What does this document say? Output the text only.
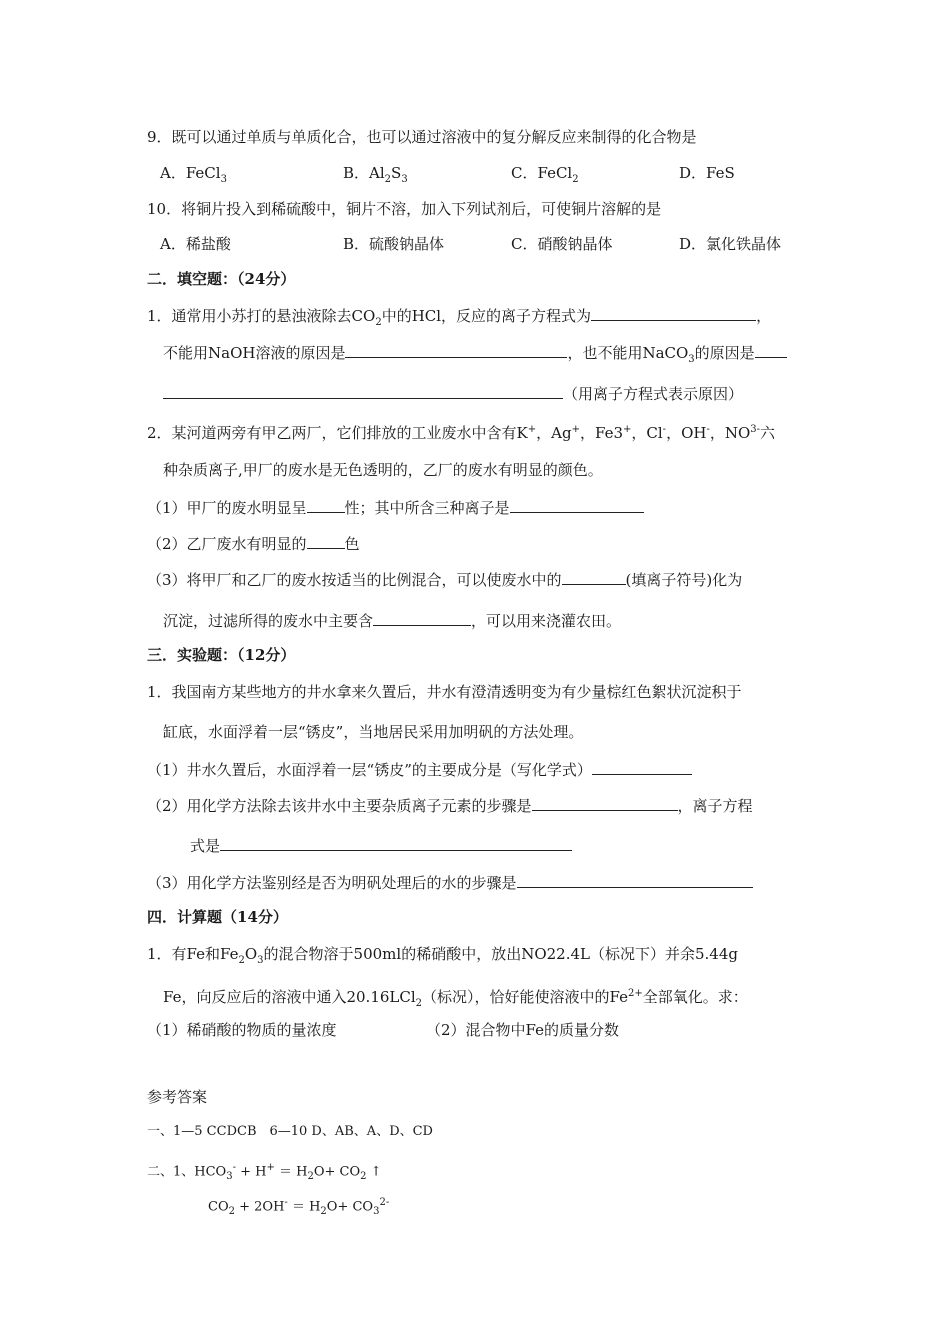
9．既可以通过单质与单质化合，也可以通过溶液中的复分解反应来制得的化合物是
A．FeCl$_3$	B．$Al_2S_3$	C．FeCl$_2$	D．FeS
10．将铜片投入到稀硫酸中，铜片不溶，加入下列试剂后，可使铜片溶解的是
A．稀盐酸	B．硫酸钠晶体	C．硝酸钠晶体	D．氯化铁晶体
二．填空题：（24分）
1．通常用小苏打的悬浊液除去$CO_2$中的HCl，反应的离子方程式为	，
不能用NaOH溶液的原因是	，也不能用NaCO$_3$的原因是
（用离子方程式表示原因）
2．某河道两旁有甲乙两厂，它们排放的工业废水中含有K+，Ag+，Fe3+，Cl-，OH-，$NO^{3-}$六
种杂质离子,甲厂的废水是无色透明的，乙厂的废水有明显的颜色。
（1）甲厂的废水明显呈	性；其中所含三种离子是
（2）乙厂废水有明显的	色
（3）将甲厂和乙厂的废水按适当的比例混合，可以使废水中的	(填离子符号)化为
沉淀，过滤所得的废水中主要含	，可以用来浇灌农田。
三．实验题：（12分）
1．我国南方某些地方的井水拿来久置后，井水有澄清透明变为有少量棕红色絮状沉淀积于
缸底，水面浮着一层“锈皮”，当地居民采用加明矾的方法处理。
（1）井水久置后，水面浮着一层“锈皮”的主要成分是（写化学式）
（2）用化学方法除去该井水中主要杂质离子元素的步骤是	，离子方程
式是
（3）用化学方法鉴别经是否为明矾处理后的水的步骤是
四．计算题（14分）
1．有Fe和$Fe_2O_3$的混合物溶于500ml的稀硝酸中，放出NO22.4L（标况下）并余5.44g
Fe，向反应后的溶液中通入20.16LCl$_2$（标况），恰好能使溶液中的$Fe^{2+}$全部氧化。求：
（1）稀硝酸的物质的量浓度	（2）混合物中Fe的质量分数
参考答案
一、1—5 CCDCB　6—10 D、AB、A、D、CD
二、1、$HCO_3^- + H^+ = H_2O+ CO_2$ ↑
$CO_2 + 2OH^- = H_2O+ CO_3^{2-}$
